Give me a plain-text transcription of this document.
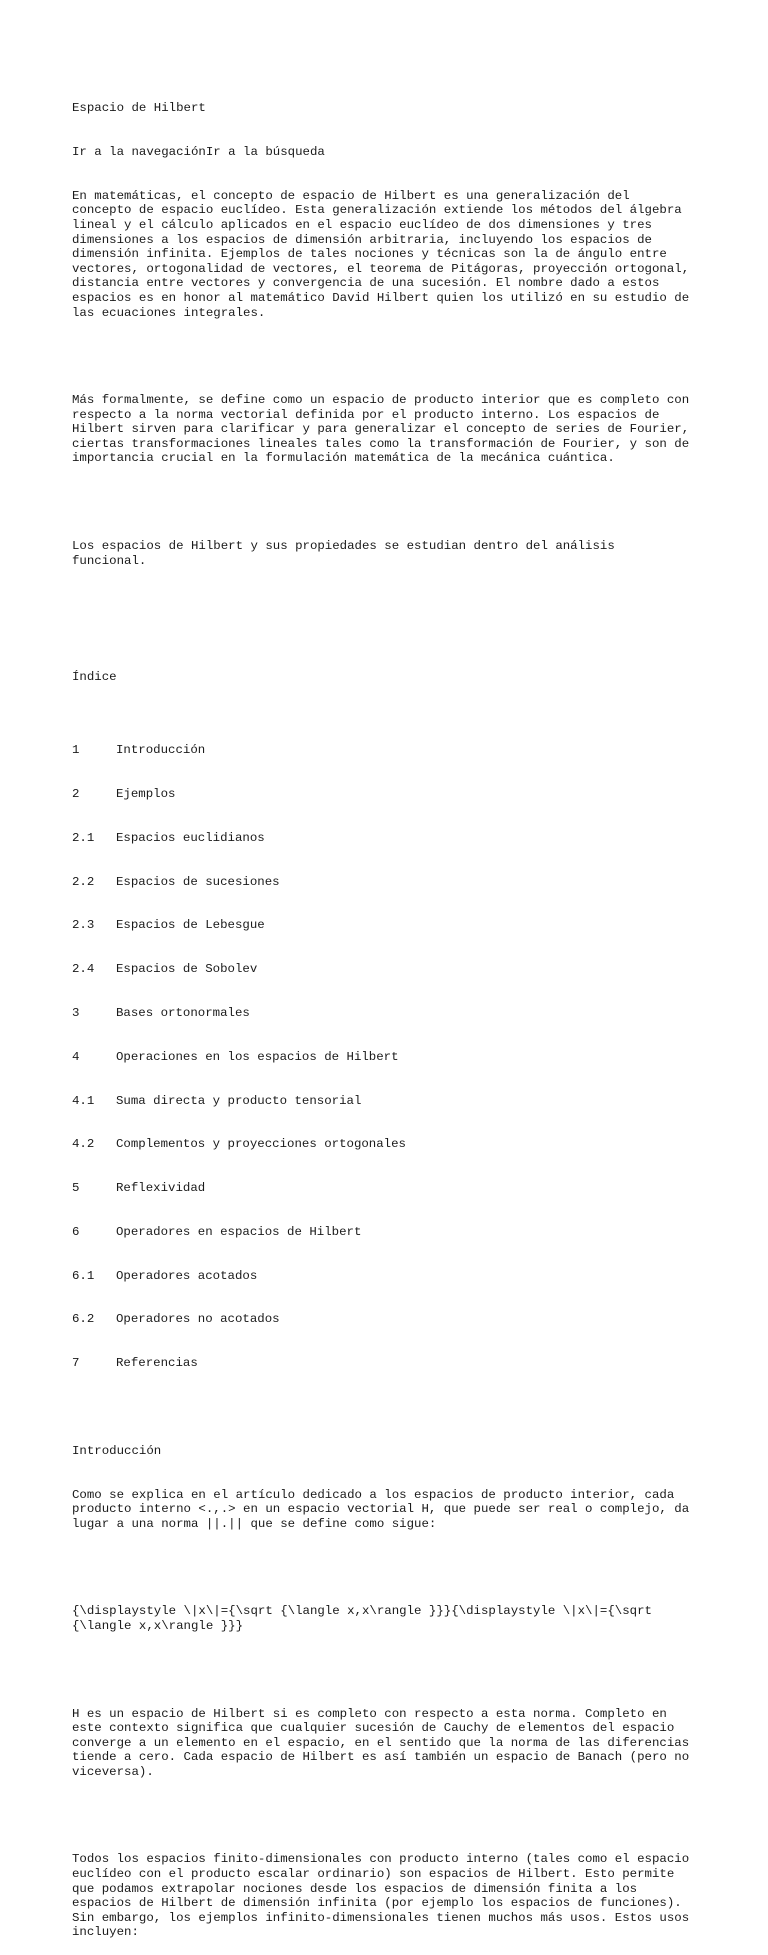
Espacio de Hilbert

Ir a la navegaciónIr a la búsqueda

En matemáticas, el concepto de espacio de Hilbert es una generalización del
concepto de espacio euclídeo. Esta generalización extiende los métodos del álgebra
lineal y el cálculo aplicados en el espacio euclídeo de dos dimensiones y tres
dimensiones a los espacios de dimensión arbitraria, incluyendo los espacios de
dimensión infinita. Ejemplos de tales nociones y técnicas son la de ángulo entre
vectores, ortogonalidad de vectores, el teorema de Pitágoras, proyección ortogonal,
distancia entre vectores y convergencia de una sucesión. El nombre dado a estos
espacios es en honor al matemático David Hilbert quien los utilizó en su estudio de
las ecuaciones integrales.

Más formalmente, se define como un espacio de producto interior que es completo con
respecto a la norma vectorial definida por el producto interno. Los espacios de
Hilbert sirven para clarificar y para generalizar el concepto de series de Fourier,
ciertas transformaciones lineales tales como la transformación de Fourier, y son de
importancia crucial en la formulación matemática de la mecánica cuántica.

Los espacios de Hilbert y sus propiedades se estudian dentro del análisis
funcional.

Índice

1	Introducción

2	Ejemplos

2.1 Espacios euclidianos

2.2 Espacios de sucesiones

2.3 Espacios de Lebesgue

2.4 Espacios de Sobolev

3	Bases ortonormales

4	Operaciones en los espacios de Hilbert

4.1 Suma directa y producto tensorial

4.2 Complementos y proyecciones ortogonales

5	Reflexividad

6	Operadores en espacios de Hilbert

6.1 Operadores acotados

6.2 Operadores no acotados

7	Referencias

Introducción

Como se explica en el artículo dedicado a los espacios de producto interior, cada
producto interno <.,.> en un espacio vectorial H, que puede ser real o complejo, da
lugar a una norma ||.|| que se define como sigue:

{\displaystyle \|x\|={\sqrt {\langle x,x\rangle }}}{\displaystyle \|x\|={\sqrt
{\langle x,x\rangle }}}

H es un espacio de Hilbert si es completo con respecto a esta norma. Completo en
este contexto significa que cualquier sucesión de Cauchy de elementos del espacio
converge a un elemento en el espacio, en el sentido que la norma de las diferencias
tiende a cero. Cada espacio de Hilbert es así también un espacio de Banach (pero no
viceversa).

Todos los espacios finito-dimensionales con producto interno (tales como el espacio
euclídeo con el producto escalar ordinario) son espacios de Hilbert. Esto permite
que podamos extrapolar nociones desde los espacios de dimensión finita a los
espacios de Hilbert de dimensión infinita (por ejemplo los espacios de funciones).
Sin embargo, los ejemplos infinito-dimensionales tienen muchos más usos. Estos usos
incluyen:
